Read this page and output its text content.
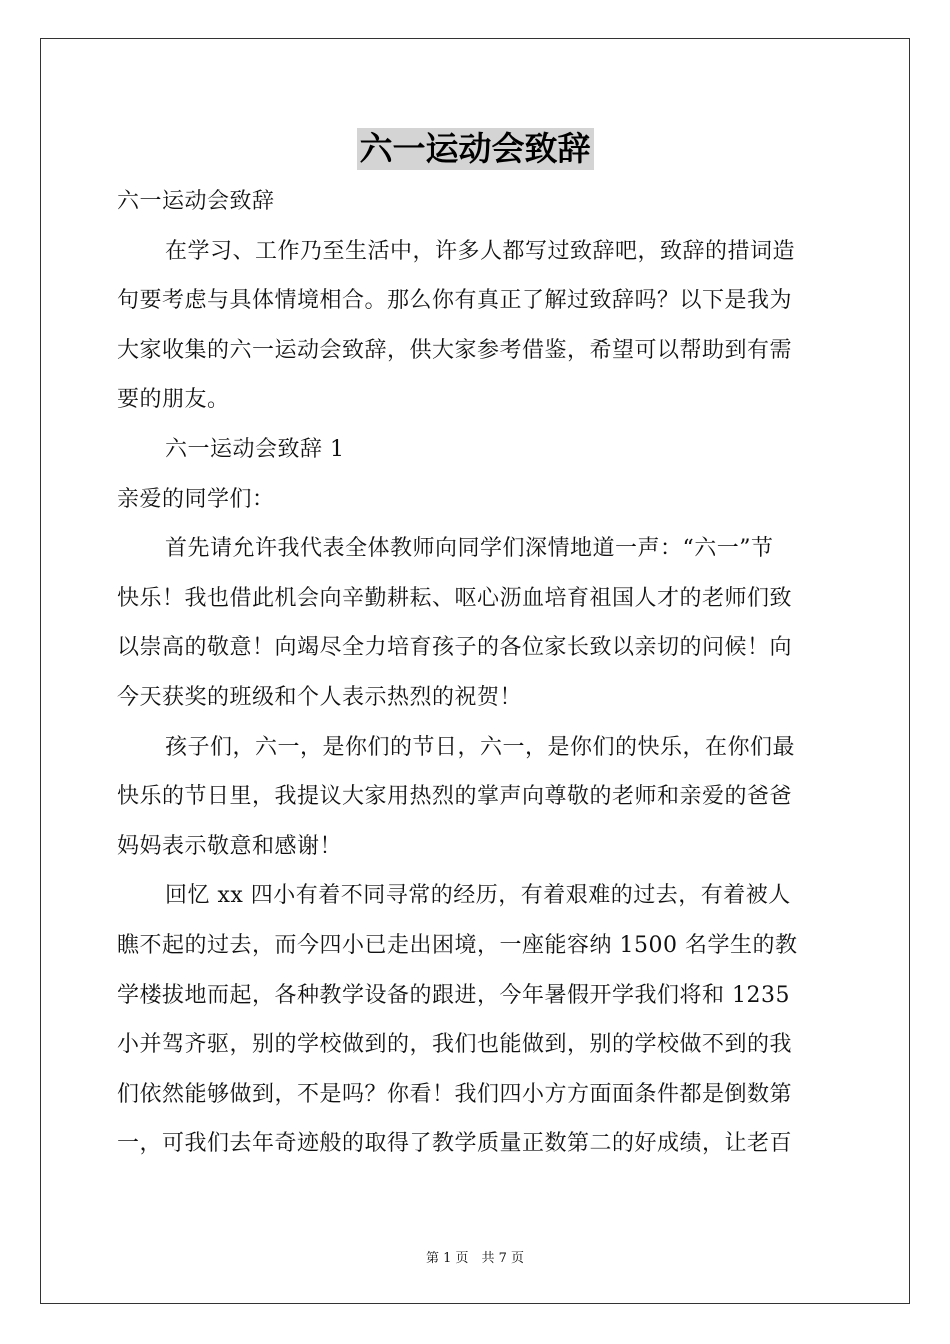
六一运动会致辞
六一运动会致辞
在学习、工作乃至生活中，许多人都写过致辞吧，致辞的措词造
句要考虑与具体情境相合。那么你有真正了解过致辞吗？以下是我为
大家收集的六一运动会致辞，供大家参考借鉴，希望可以帮助到有需
要的朋友。
六一运动会致辞 1
亲爱的同学们：
首先请允许我代表全体教师向同学们深情地道一声：“六一”节
快乐！我也借此机会向辛勤耕耘、呕心沥血培育祖国人才的老师们致
以崇高的敬意！向竭尽全力培育孩子的各位家长致以亲切的问候！向
今天获奖的班级和个人表示热烈的祝贺！
孩子们，六一，是你们的节日，六一，是你们的快乐，在你们最
快乐的节日里，我提议大家用热烈的掌声向尊敬的老师和亲爱的爸爸
妈妈表示敬意和感谢！
回忆 xx 四小有着不同寻常的经历，有着艰难的过去，有着被人
瞧不起的过去，而今四小已走出困境，一座能容纳 1500 名学生的教
学楼拔地而起，各种教学设备的跟进，今年暑假开学我们将和 1235
小并驾齐驱，别的学校做到的，我们也能做到，别的学校做不到的我
们依然能够做到，不是吗？你看！我们四小方方面面条件都是倒数第
一，可我们去年奇迹般的取得了教学质量正数第二的好成绩，让老百
第 1 页　共 7 页
